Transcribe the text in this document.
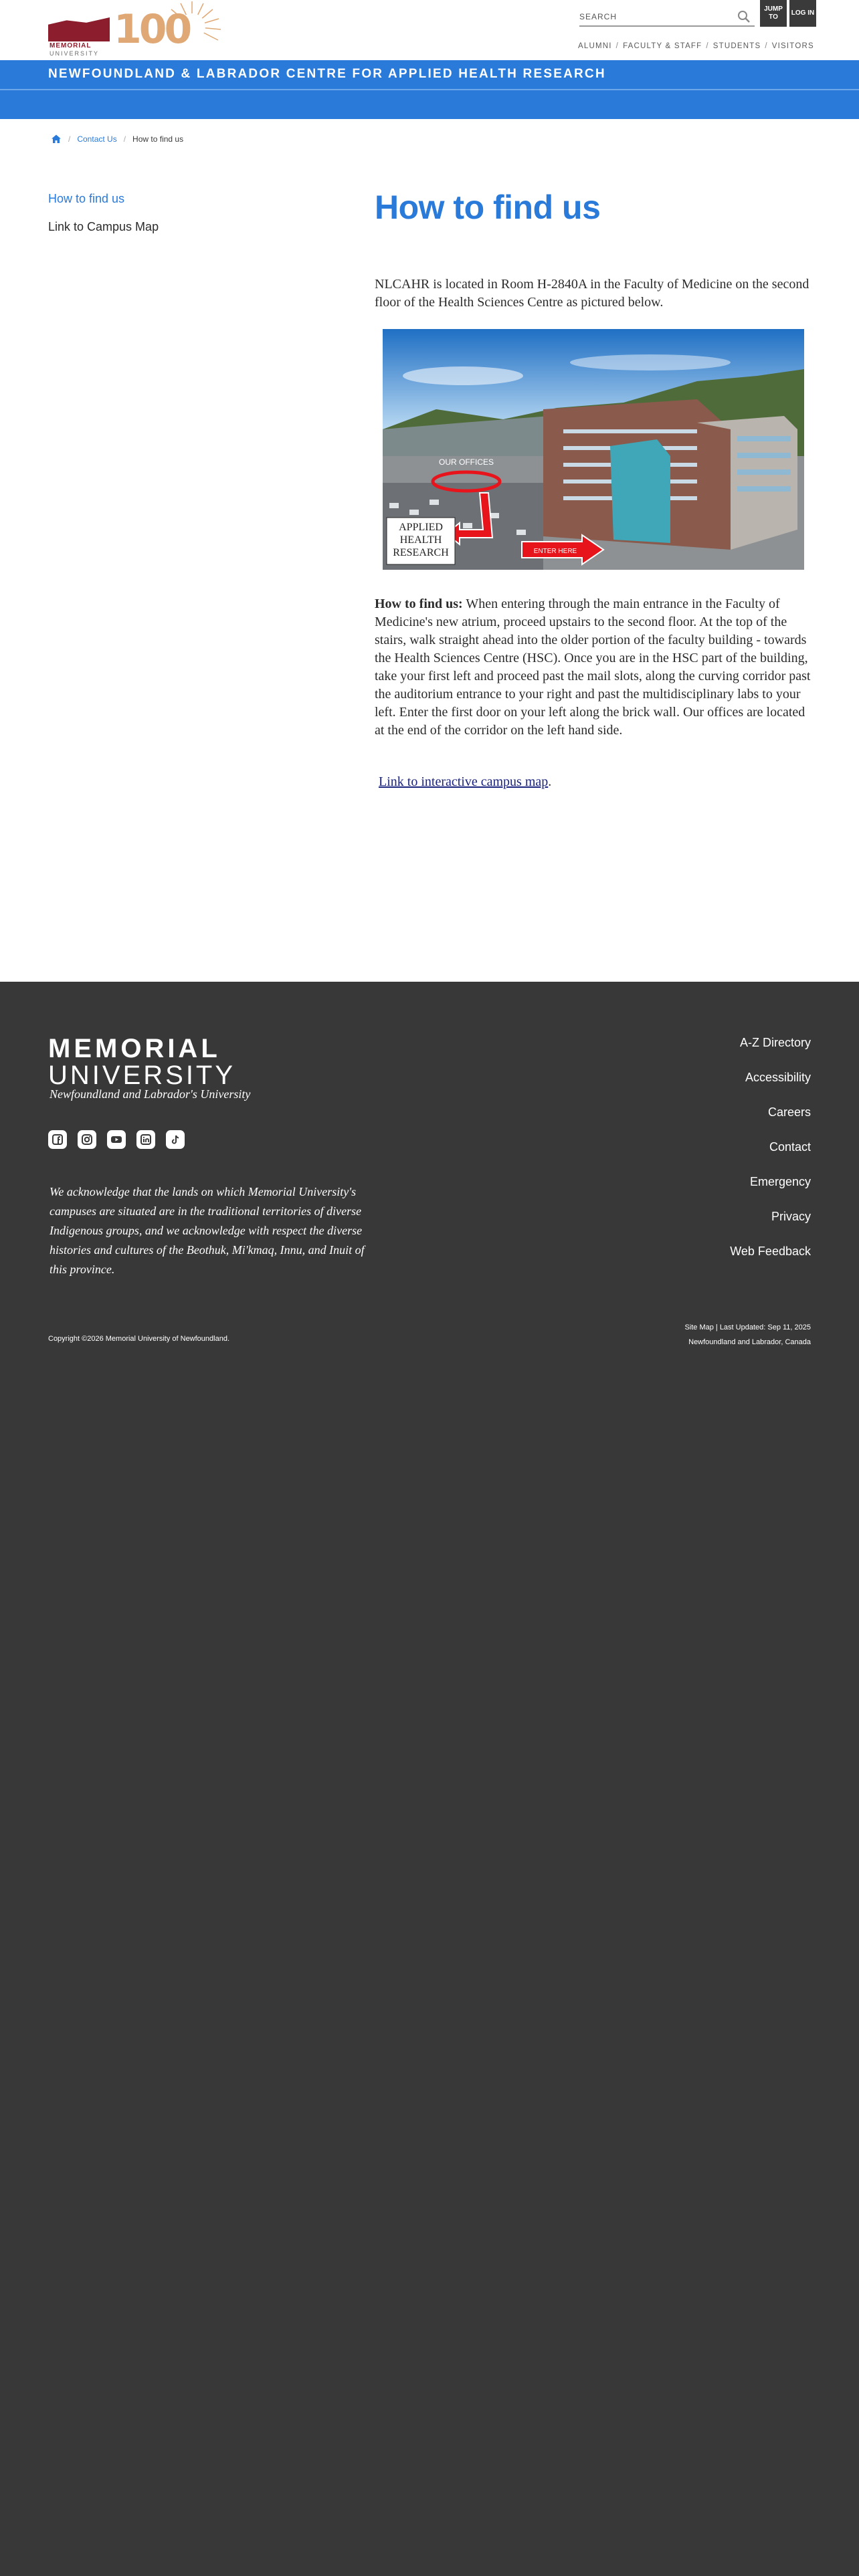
MEMORIAL
UNIVERSITY
100
SEARCH	JUMP TO
LOG IN
ALUMNI / FACULTY & STAFF / STUDENTS / VISITORS
NEWFOUNDLAND & LABRADOR CENTRE FOR APPLIED HEALTH RESEARCH
/ Contact Us / How to find us
How to find us
Link to Campus Map
How to find us
NLCAHR is located in Room H-2840A in the Faculty of Medicine on the second floor of the Health Sciences Centre as pictured below.
OUR OFFICES
APPLIED
HEALTH
RESEARCH	ENTER HERE
How to find us: When entering through the main entrance in the Faculty of Medicine's new atrium, proceed upstairs to the second floor. At the top of the stairs, walk straight ahead into the older portion of the faculty building - towards the Health Sciences Centre (HSC). Once you are in the HSC part of the building, take your first left and proceed past the mail slots, along the curving corridor past the auditorium entrance to your right and past the multidisciplinary labs to your left. Enter the first door on your left along the brick wall. Our offices are located at the end of the corridor on the left hand side.
Link to interactive campus map.
MEMORIAL
UNIVERSITY
Newfoundland and Labrador's University
We acknowledge that the lands on which Memorial University's campuses are situated are in the traditional territories of diverse Indigenous groups, and we acknowledge with respect the diverse histories and cultures of the Beothuk, Mi'kmaq, Innu, and Inuit of this province.
A-Z Directory
Accessibility
Careers
Contact
Emergency
Privacy
Web Feedback
Copyright ©2026 Memorial University of Newfoundland.
Site Map | Last Updated: Sep 11, 2025
Newfoundland and Labrador, Canada
